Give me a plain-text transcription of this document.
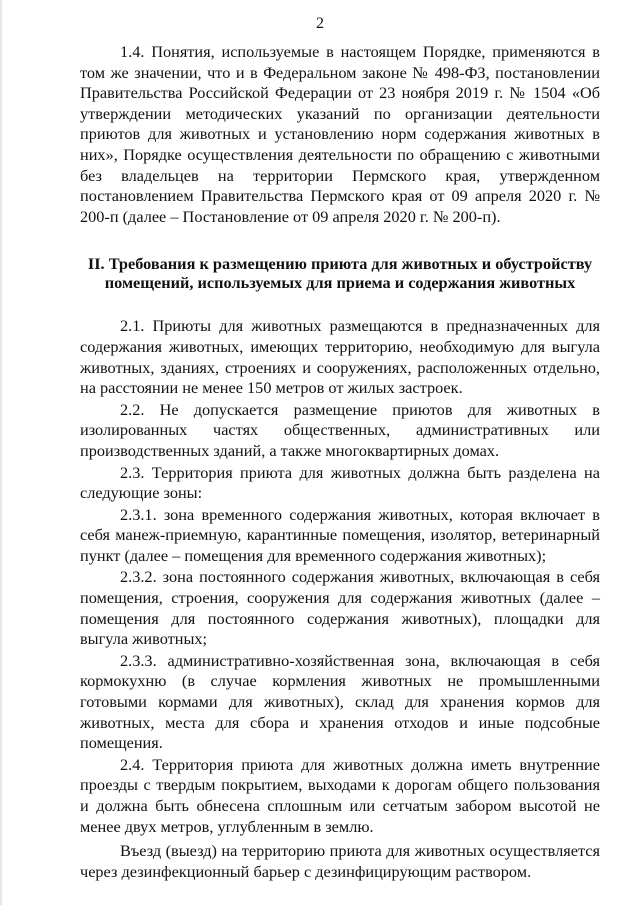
2

1.4. Понятия, используемые в настоящем Порядке, применяются в том же значении, что и в Федеральном законе № 498-ФЗ, постановлении Правительства Российской Федерации от 23 ноября 2019 г. № 1504 «Об утверждении методических указаний по организации деятельности приютов для животных и установлению норм содержания животных в них», Порядке осуществления деятельности по обращению с животными без владельцев на территории Пермского края, утвержденном постановлением Правительства Пермского края от 09 апреля 2020 г. № 200-п (далее – Постановление от 09 апреля 2020 г. № 200-п).

II. Требования к размещению приюта для животных и обустройству помещений, используемых для приема и содержания животных

2.1. Приюты для животных размещаются в предназначенных для содержания животных, имеющих территорию, необходимую для выгула животных, зданиях, строениях и сооружениях, расположенных отдельно, на расстоянии не менее 150 метров от жилых застроек.

2.2. Не допускается размещение приютов для животных в изолированных частях общественных, административных или производственных зданий, а также многоквартирных домах.

2.3. Территория приюта для животных должна быть разделена на следующие зоны:

2.3.1. зона временного содержания животных, которая включает в себя манеж-приемную, карантинные помещения, изолятор, ветеринарный пункт (далее – помещения для временного содержания животных);

2.3.2. зона постоянного содержания животных, включающая в себя помещения, строения, сооружения для содержания животных (далее – помещения для постоянного содержания животных), площадки для выгула животных;

2.3.3. административно-хозяйственная зона, включающая в себя кормокухню (в случае кормления животных не промышленными готовыми кормами для животных), склад для хранения кормов для животных, места для сбора и хранения отходов и иные подсобные помещения.

2.4. Территория приюта для животных должна иметь внутренние проезды с твердым покрытием, выходами к дорогам общего пользования и должна быть обнесена сплошным или сетчатым забором высотой не менее двух метров, углубленным в землю.

Въезд (выезд) на территорию приюта для животных осуществляется через дезинфекционный барьер с дезинфицирующим раствором.
